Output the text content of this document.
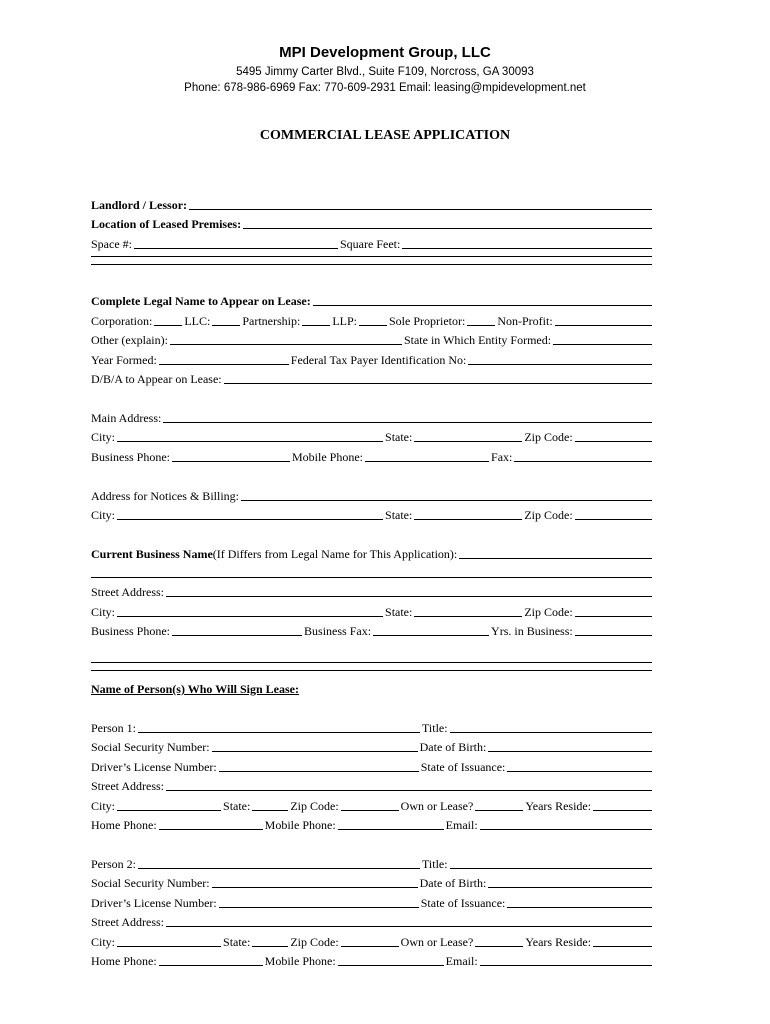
MPI Development Group, LLC
5495 Jimmy Carter Blvd., Suite F109, Norcross, GA 30093
Phone: 678-986-6969 Fax: 770-609-2931 Email: leasing@mpidevelopment.net
COMMERCIAL LEASE APPLICATION
Landlord / Lessor:
Location of Leased Premises:
Space #:	Square Feet:
Complete Legal Name to Appear on Lease:
Corporation:	LLC:	Partnership:	LLP:	Sole Proprietor:	Non-Profit:
Other (explain):	State in Which Entity Formed:
Year Formed:	Federal Tax Payer Identification No:
D/B/A to Appear on Lease:
Main Address:
City:	State:	Zip Code:
Business Phone:	Mobile Phone:	Fax:
Address for Notices & Billing:
City:	State:	Zip Code:
Current Business Name (If Differs from Legal Name for This Application):
Street Address:
City:	State:	Zip Code:
Business Phone:	Business Fax:	Yrs. in Business:
Name of Person(s) Who Will Sign Lease:
Person 1:	Title:
Social Security Number:	Date of Birth:
Driver’s License Number:	State of Issuance:
Street Address:
City:	State:	Zip Code:	Own or Lease?	Years Reside:
Home Phone:	Mobile Phone:	Email:
Person 2:	Title:
Social Security Number:	Date of Birth:
Driver’s License Number:	State of Issuance:
Street Address:
City:	State:	Zip Code:	Own or Lease?	Years Reside:
Home Phone:	Mobile Phone:	Email:
